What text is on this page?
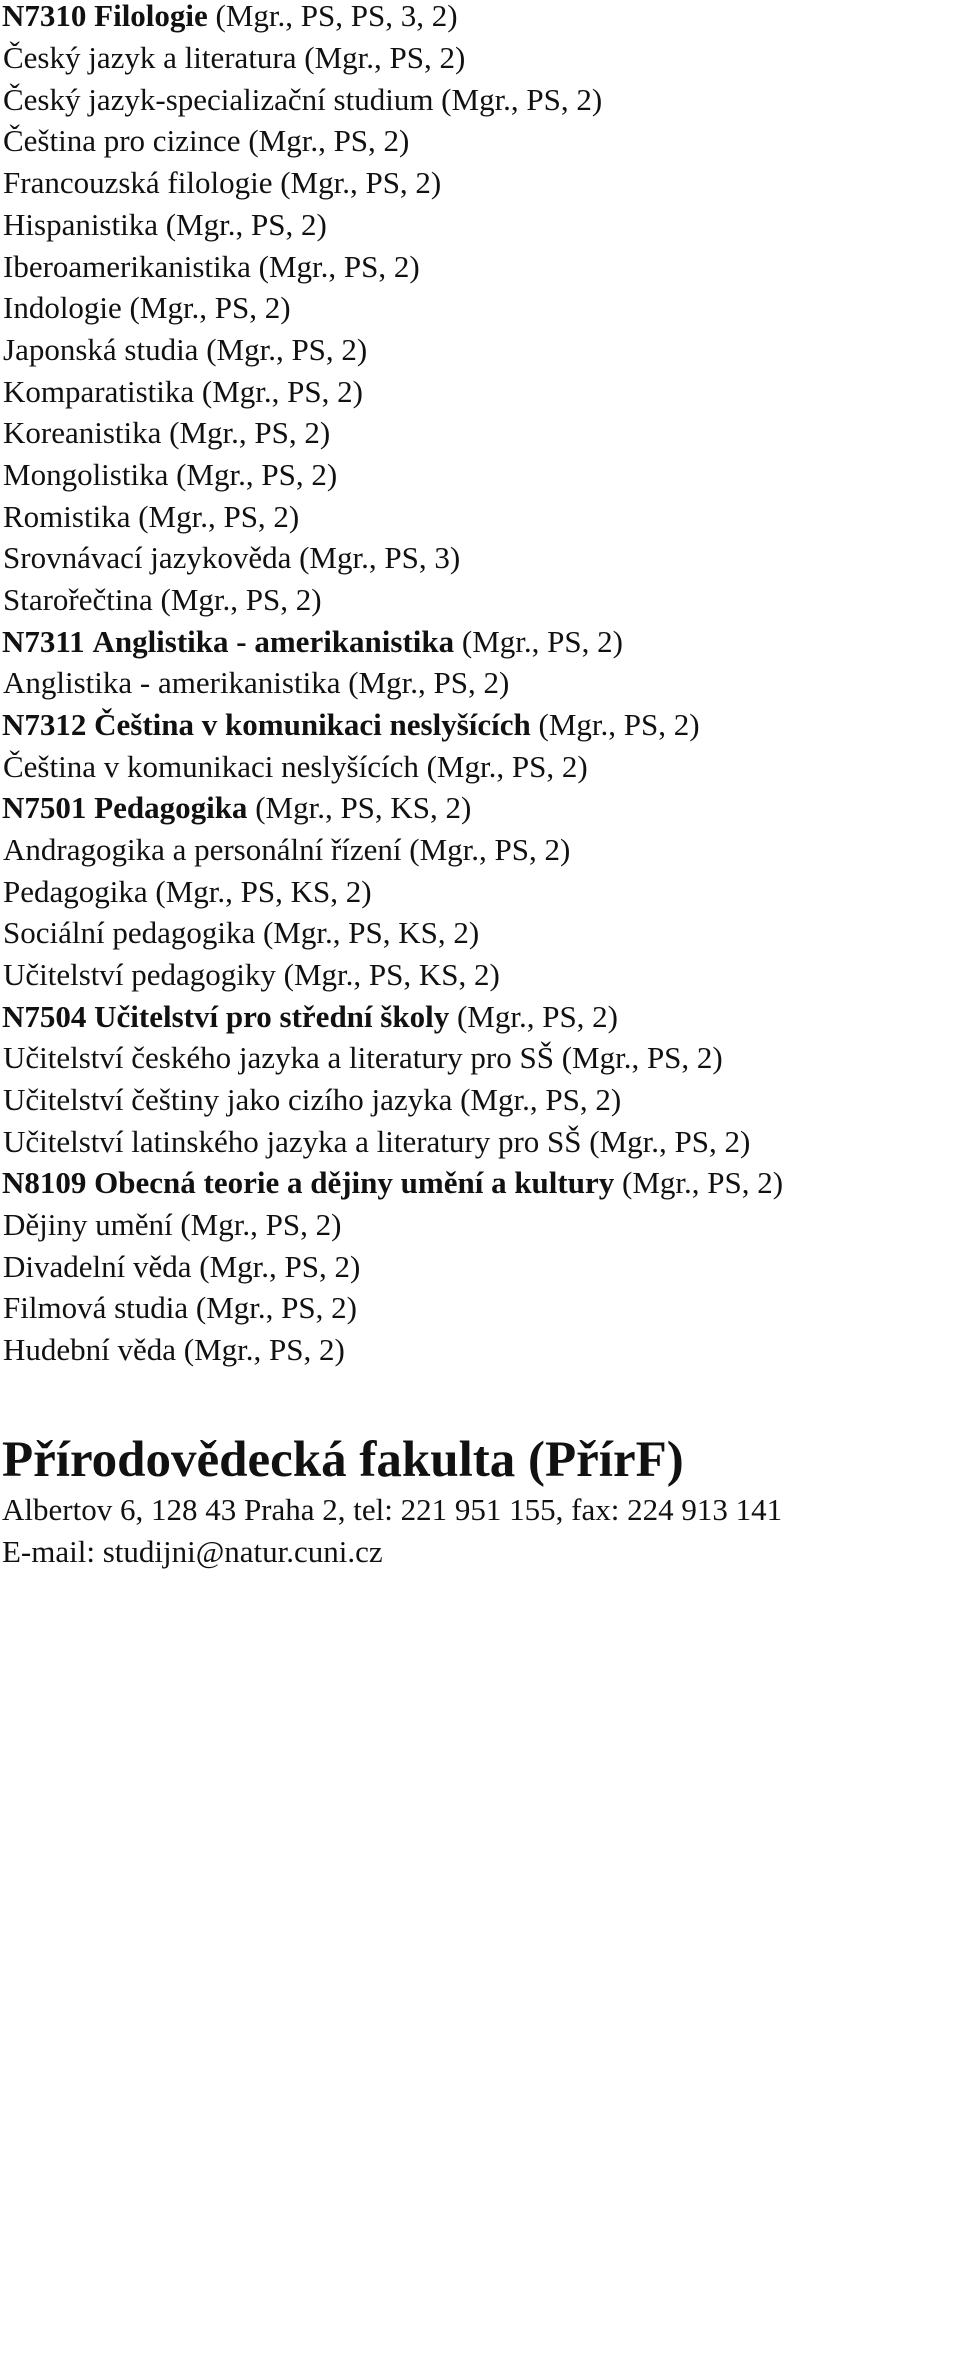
N7310 Filologie (Mgr., PS, PS, 3, 2)
Český jazyk a literatura (Mgr., PS, 2)
Český jazyk-specializační studium (Mgr., PS, 2)
Čeština pro cizince (Mgr., PS, 2)
Francouzská filologie (Mgr., PS, 2)
Hispanistika (Mgr., PS, 2)
Iberoamerikanistika (Mgr., PS, 2)
Indologie (Mgr., PS, 2)
Japonská studia (Mgr., PS, 2)
Komparatistika (Mgr., PS, 2)
Koreanistika (Mgr., PS, 2)
Mongolistika (Mgr., PS, 2)
Romistika (Mgr., PS, 2)
Srovnávací jazykověda (Mgr., PS, 3)
Starořečtina (Mgr., PS, 2)
N7311 Anglistika - amerikanistika (Mgr., PS, 2)
Anglistika - amerikanistika (Mgr., PS, 2)
N7312 Čeština v komunikaci neslyšících (Mgr., PS, 2)
Čeština v komunikaci neslyšících (Mgr., PS, 2)
N7501 Pedagogika (Mgr., PS, KS, 2)
Andragogika a personální řízení (Mgr., PS, 2)
Pedagogika (Mgr., PS, KS, 2)
Sociální pedagogika (Mgr., PS, KS, 2)
Učitelství pedagogiky (Mgr., PS, KS, 2)
N7504 Učitelství pro střední školy (Mgr., PS, 2)
Učitelství českého jazyka a literatury pro SŠ (Mgr., PS, 2)
Učitelství češtiny jako cizího jazyka (Mgr., PS, 2)
Učitelství latinského jazyka a literatury pro SŠ (Mgr., PS, 2)
N8109 Obecná teorie a dějiny umění a kultury (Mgr., PS, 2)
Dějiny umění (Mgr., PS, 2)
Divadelní věda (Mgr., PS, 2)
Filmová studia (Mgr., PS, 2)
Hudební věda (Mgr., PS, 2)
Přírodovědecká fakulta (PřírF)
Albertov 6, 128 43 Praha 2, tel: 221 951 155, fax: 224 913 141
E-mail: studijni@natur.cuni.cz
